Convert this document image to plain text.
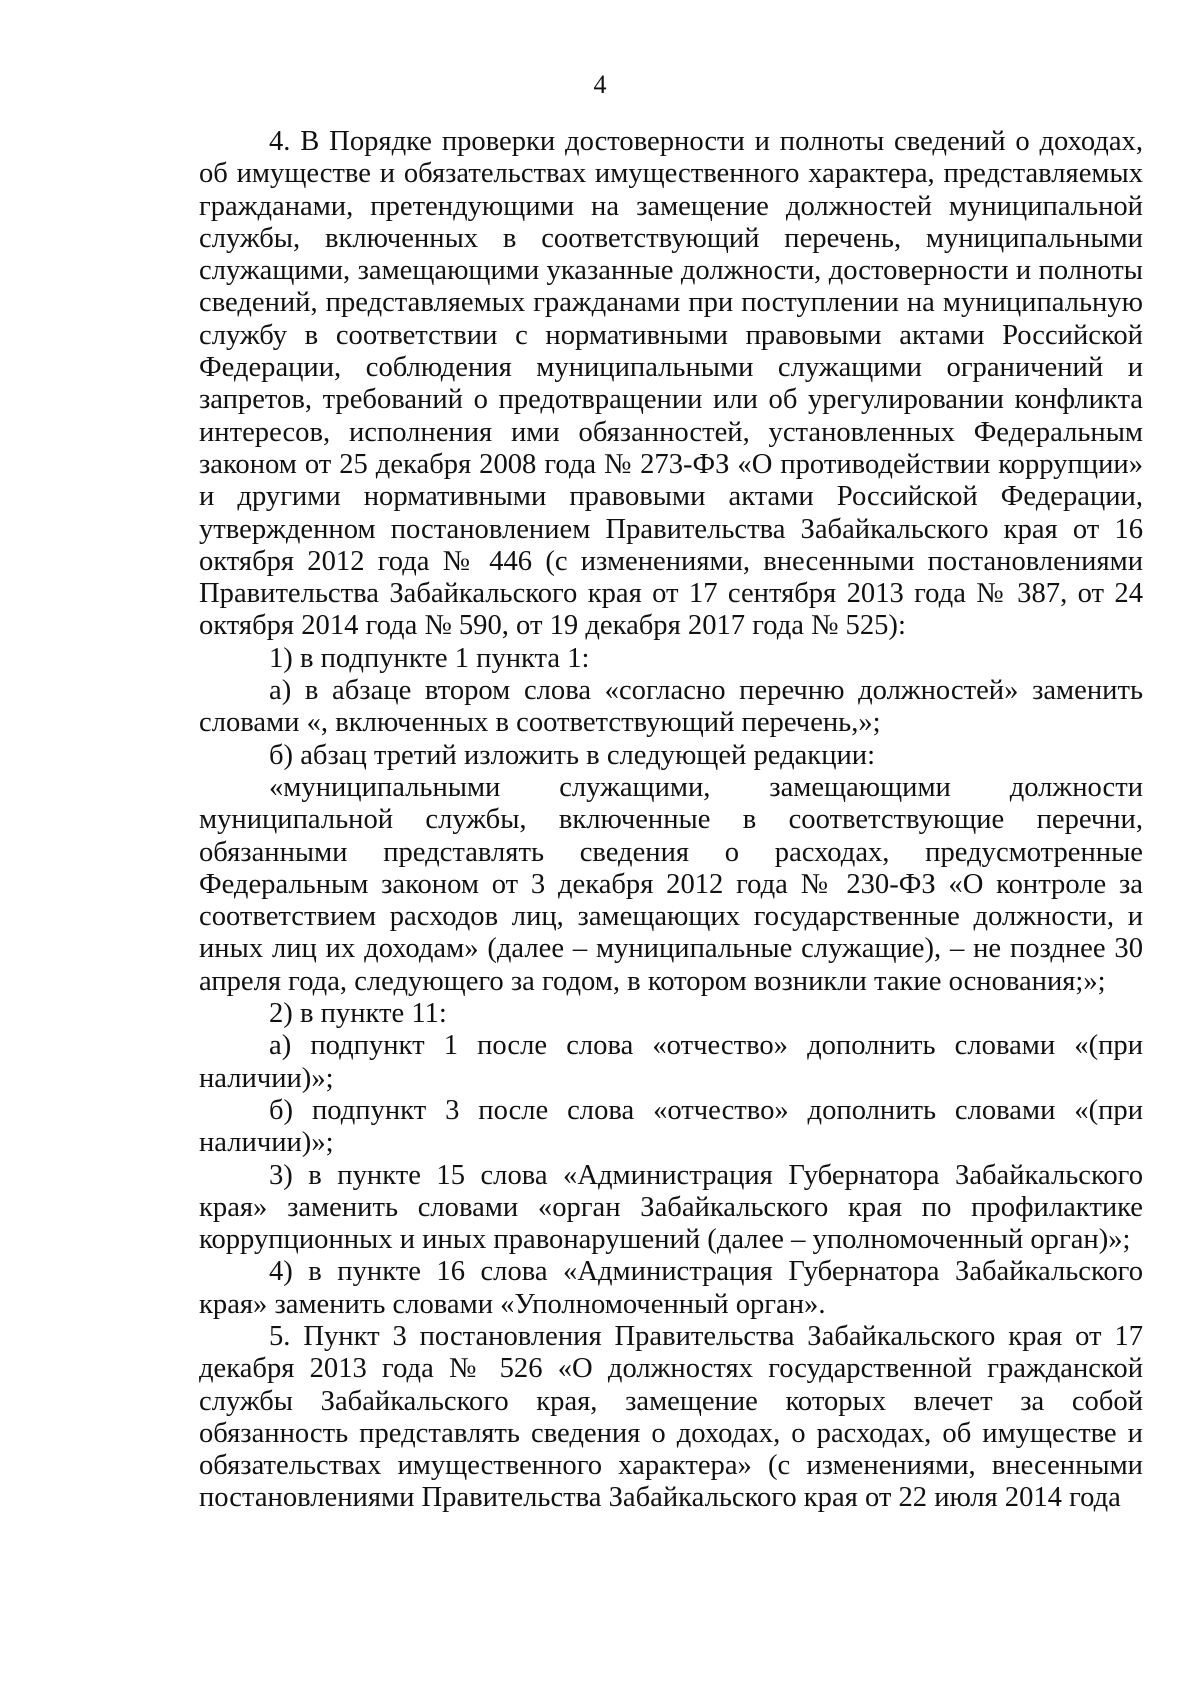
4

4. В Порядке проверки достоверности и полноты сведений о доходах, об имуществе и обязательствах имущественного характера, представляемых гражданами, претендующими на замещение должностей муниципальной службы, включенных в соответствующий перечень, муниципальными служащими, замещающими указанные должности, достоверности и полноты сведений, представляемых гражданами при поступлении на муниципальную службу в соответствии с нормативными правовыми актами Российской Федерации, соблюдения муниципальными служащими ограничений и запретов, требований о предотвращении или об урегулировании конфликта интересов, исполнения ими обязанностей, установленных Федеральным законом от 25 декабря 2008 года № 273-ФЗ «О противодействии коррупции» и другими нормативными правовыми актами Российской Федерации, утвержденном постановлением Правительства Забайкальского края от 16 октября 2012 года № 446 (с изменениями, внесенными постановлениями Правительства Забайкальского края от 17 сентября 2013 года № 387, от 24 октября 2014 года № 590, от 19 декабря 2017 года № 525):

1) в подпункте 1 пункта 1:

а) в абзаце втором слова «согласно перечню должностей» заменить словами «, включенных в соответствующий перечень,»;

б) абзац третий изложить в следующей редакции:

«муниципальными служащими, замещающими должности муниципальной службы, включенные в соответствующие перечни, обязанными представлять сведения о расходах, предусмотренные Федеральным законом от 3 декабря 2012 года № 230-ФЗ «О контроле за соответствием расходов лиц, замещающих государственные должности, и иных лиц их доходам» (далее – муниципальные служащие), – не позднее 30 апреля года, следующего за годом, в котором возникли такие основания;»;

2) в пункте 11:

а) подпункт 1 после слова «отчество» дополнить словами «(при наличии)»;

б) подпункт 3 после слова «отчество» дополнить словами «(при наличии)»;

3) в пункте 15 слова «Администрация Губернатора Забайкальского края» заменить словами «орган Забайкальского края по профилактике коррупционных и иных правонарушений (далее – уполномоченный орган)»;

4) в пункте 16 слова «Администрация Губернатора Забайкальского края» заменить словами «Уполномоченный орган».

5. Пункт 3 постановления Правительства Забайкальского края от 17 декабря 2013 года № 526 «О должностях государственной гражданской службы Забайкальского края, замещение которых влечет за собой обязанность представлять сведения о доходах, о расходах, об имуществе и обязательствах имущественного характера» (с изменениями, внесенными постановлениями Правительства Забайкальского края от 22 июля 2014 года
